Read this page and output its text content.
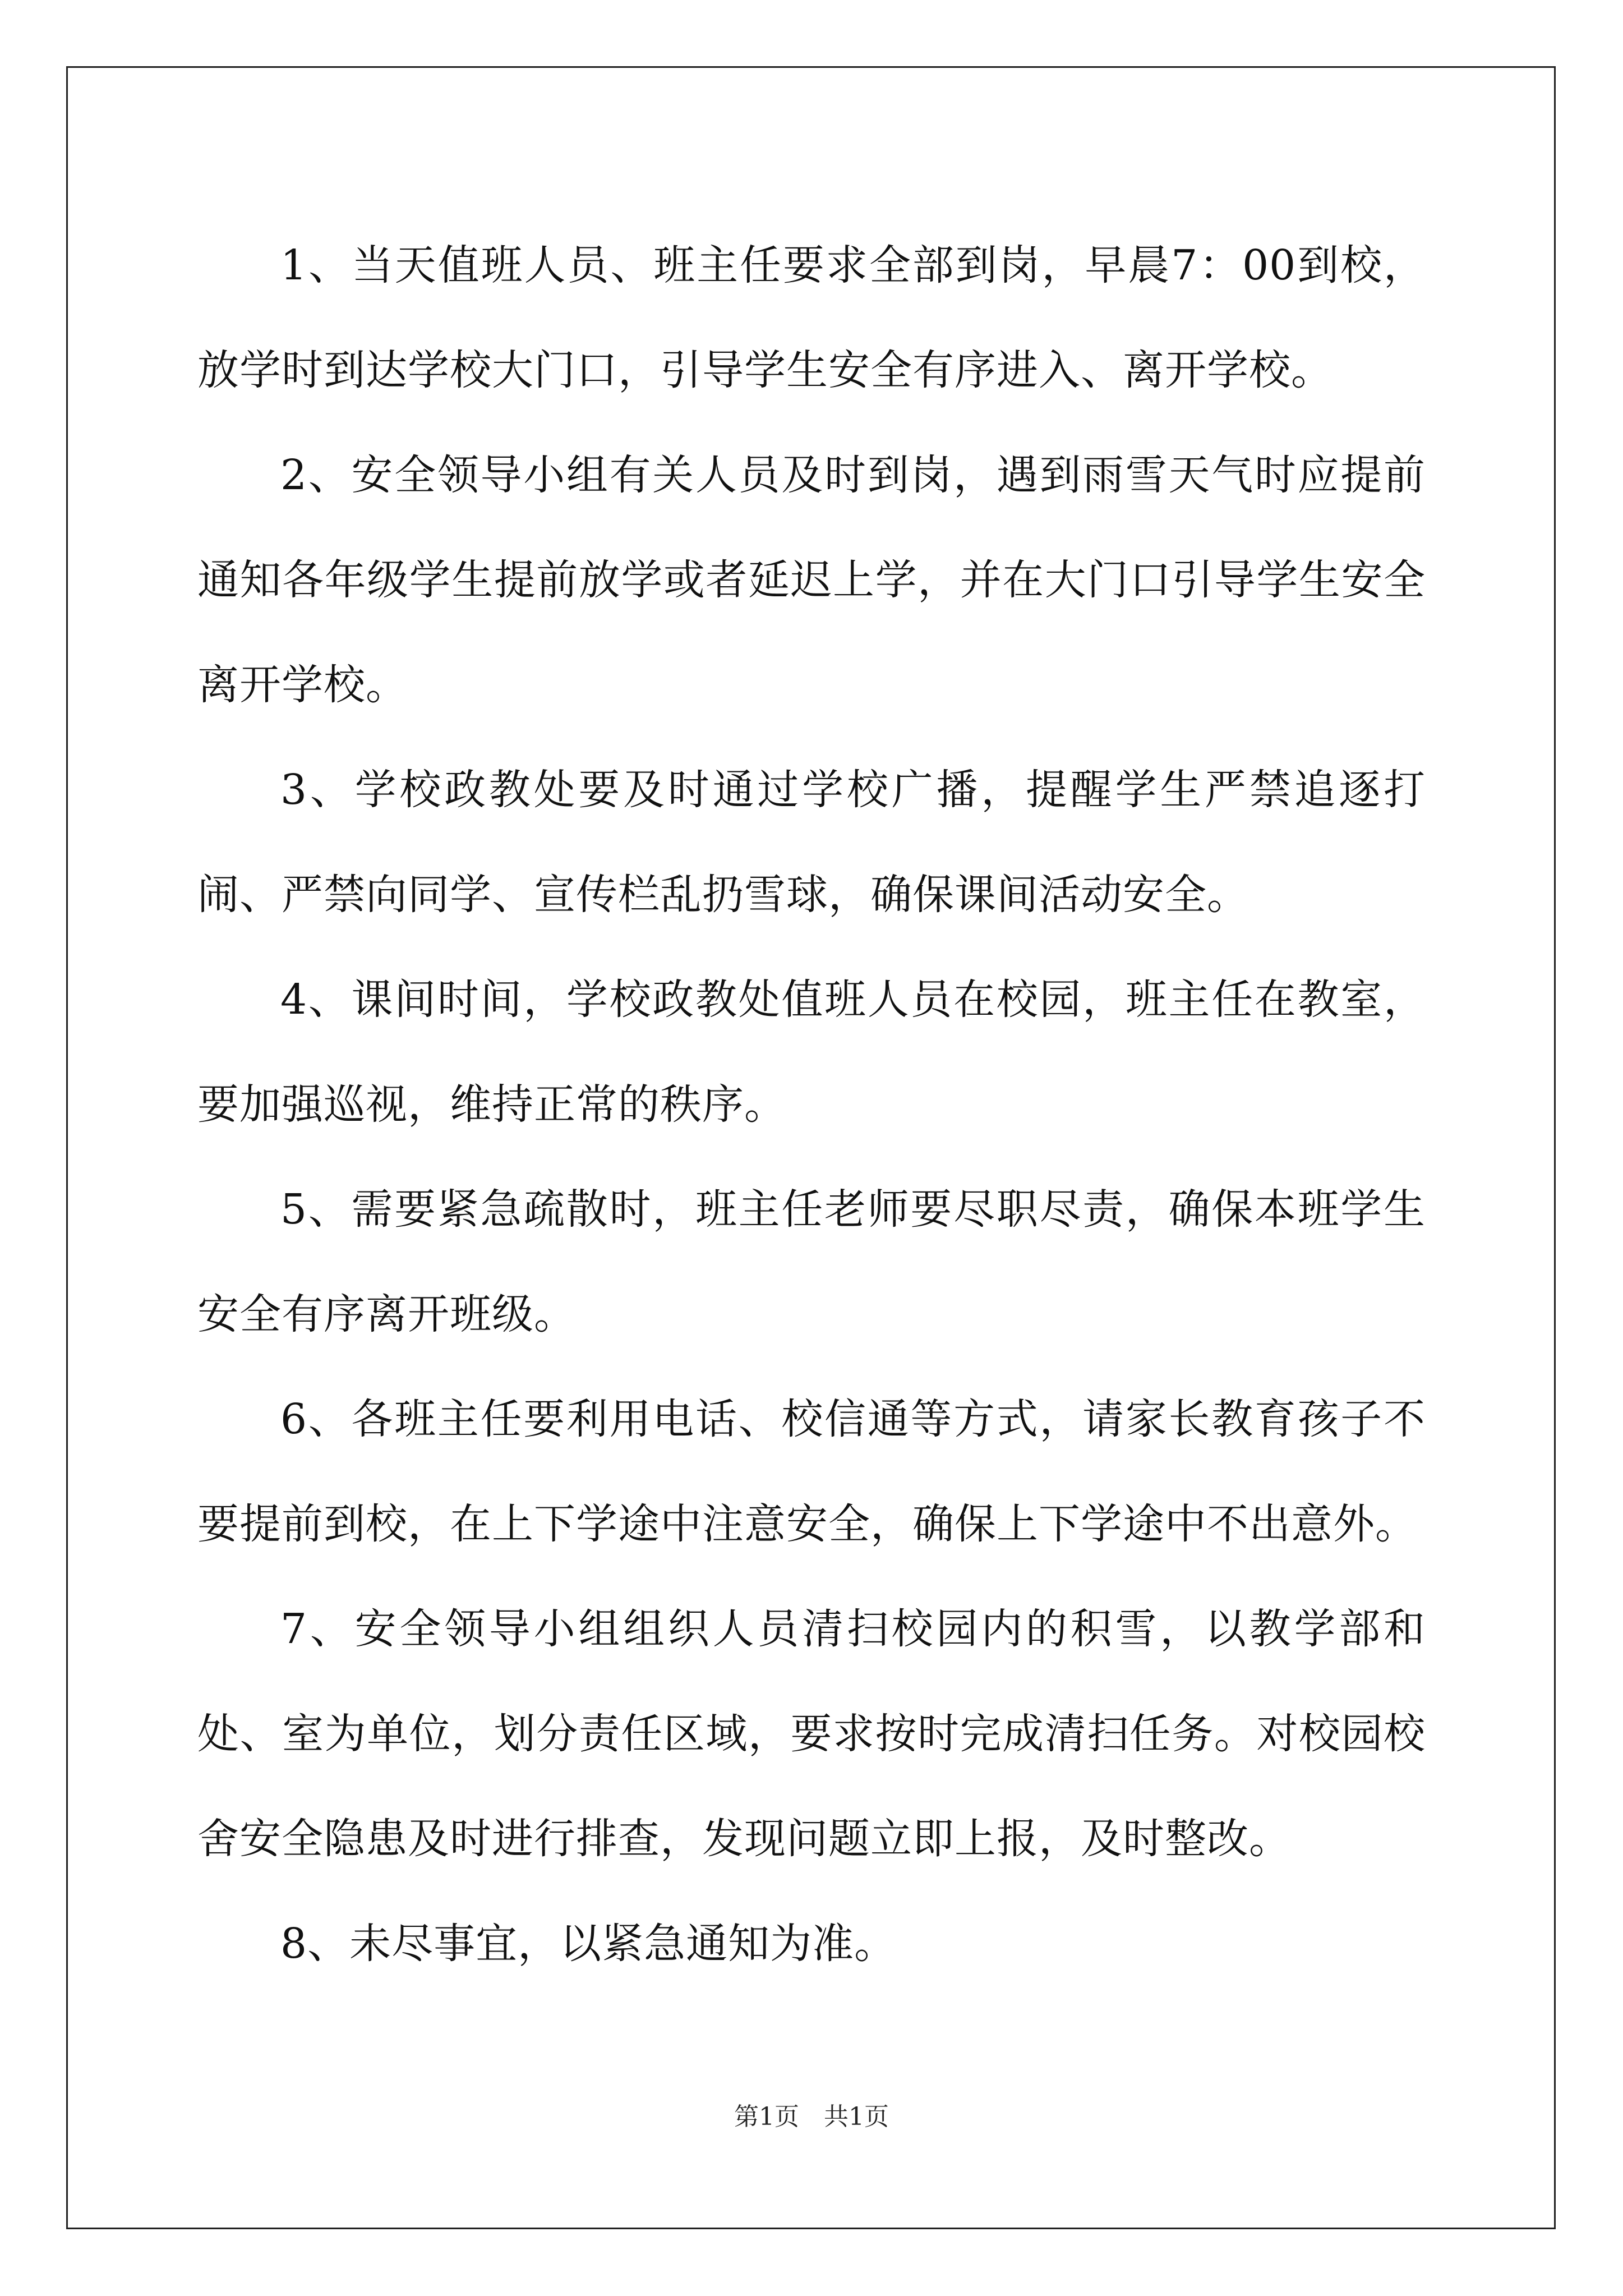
1、当天值班人员、班主任要求全部到岗，早晨7：00到校，放学时到达学校大门口，引导学生安全有序进入、离开学校。

2、安全领导小组有关人员及时到岗，遇到雨雪天气时应提前通知各年级学生提前放学或者延迟上学，并在大门口引导学生安全离开学校。

3、学校政教处要及时通过学校广播，提醒学生严禁追逐打闹、严禁向同学、宣传栏乱扔雪球，确保课间活动安全。

4、课间时间，学校政教处值班人员在校园，班主任在教室，要加强巡视，维持正常的秩序。

5、需要紧急疏散时，班主任老师要尽职尽责，确保本班学生安全有序离开班级。

6、各班主任要利用电话、校信通等方式，请家长教育孩子不要提前到校，在上下学途中注意安全，确保上下学途中不出意外。

7、安全领导小组组织人员清扫校园内的积雪，以教学部和处、室为单位，划分责任区域，要求按时完成清扫任务。对校园校舍安全隐患及时进行排查，发现问题立即上报，及时整改。

8、未尽事宜，以紧急通知为准。

第1页　共1页
